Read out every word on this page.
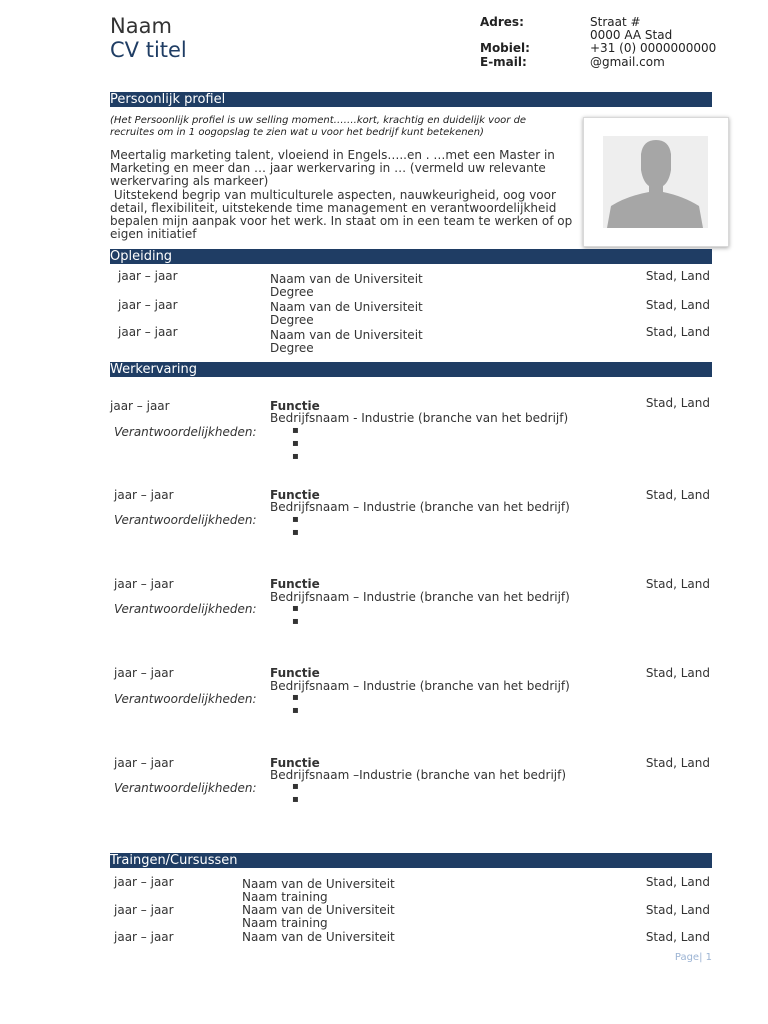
Naam
CV titel
Adres:	Straat #
0000 AA Stad
Mobiel:	+31 (0) 0000000000
E-mail:	@gmail.com
Persoonlijk profiel
(Het Persoonlijk profiel is uw selling moment…….kort, krachtig en duidelijk voor de
recruites om in 1 oogopslag te zien wat u voor het bedrijf kunt betekenen)
Meertalig marketing talent, vloeiend in Engels…..en . …met een Master in
Marketing en meer dan … jaar werkervaring in … (vermeld uw relevante
werkervaring als markeer)
Uitstekend begrip van multiculturele aspecten, nauwkeurigheid, oog voor
detail, flexibiliteit, uitstekende time management en verantwoordelijkheid
bepalen mijn aanpak voor het werk. In staat om in een team te werken of op
eigen initiatief
Opleiding
jaar – jaar	Naam van de Universiteit
Degree
Stad, Land
jaar – jaar	Naam van de Universiteit
Degree
Stad, Land
jaar – jaar	Naam van de Universiteit
Degree
Stad, Land
Werkervaring
jaar – jaar	Functie
Bedrijfsnaam - Industrie (branche van het bedrijf)
Stad, Land
Verantwoordelijkheden:	▪
▪
▪
jaar – jaar	Functie
Bedrijfsnaam – Industrie (branche van het bedrijf)
Stad, Land
Verantwoordelijkheden:	▪
▪
jaar – jaar	Functie
Bedrijfsnaam – Industrie (branche van het bedrijf)
Stad, Land
Verantwoordelijkheden:	▪
▪
jaar – jaar	Functie
Bedrijfsnaam – Industrie (branche van het bedrijf)
Stad, Land
Verantwoordelijkheden:	▪
▪
jaar – jaar	Functie
Bedrijfsnaam –Industrie (branche van het bedrijf)
Stad, Land
Verantwoordelijkheden:	▪
▪
Traingen/Cursussen
jaar – jaar	Naam van de Universiteit
Naam training
Stad, Land
jaar – jaar	Naam van de Universiteit
Naam training
Stad, Land
jaar – jaar	Naam van de Universiteit	Stad, Land
Page| 1
